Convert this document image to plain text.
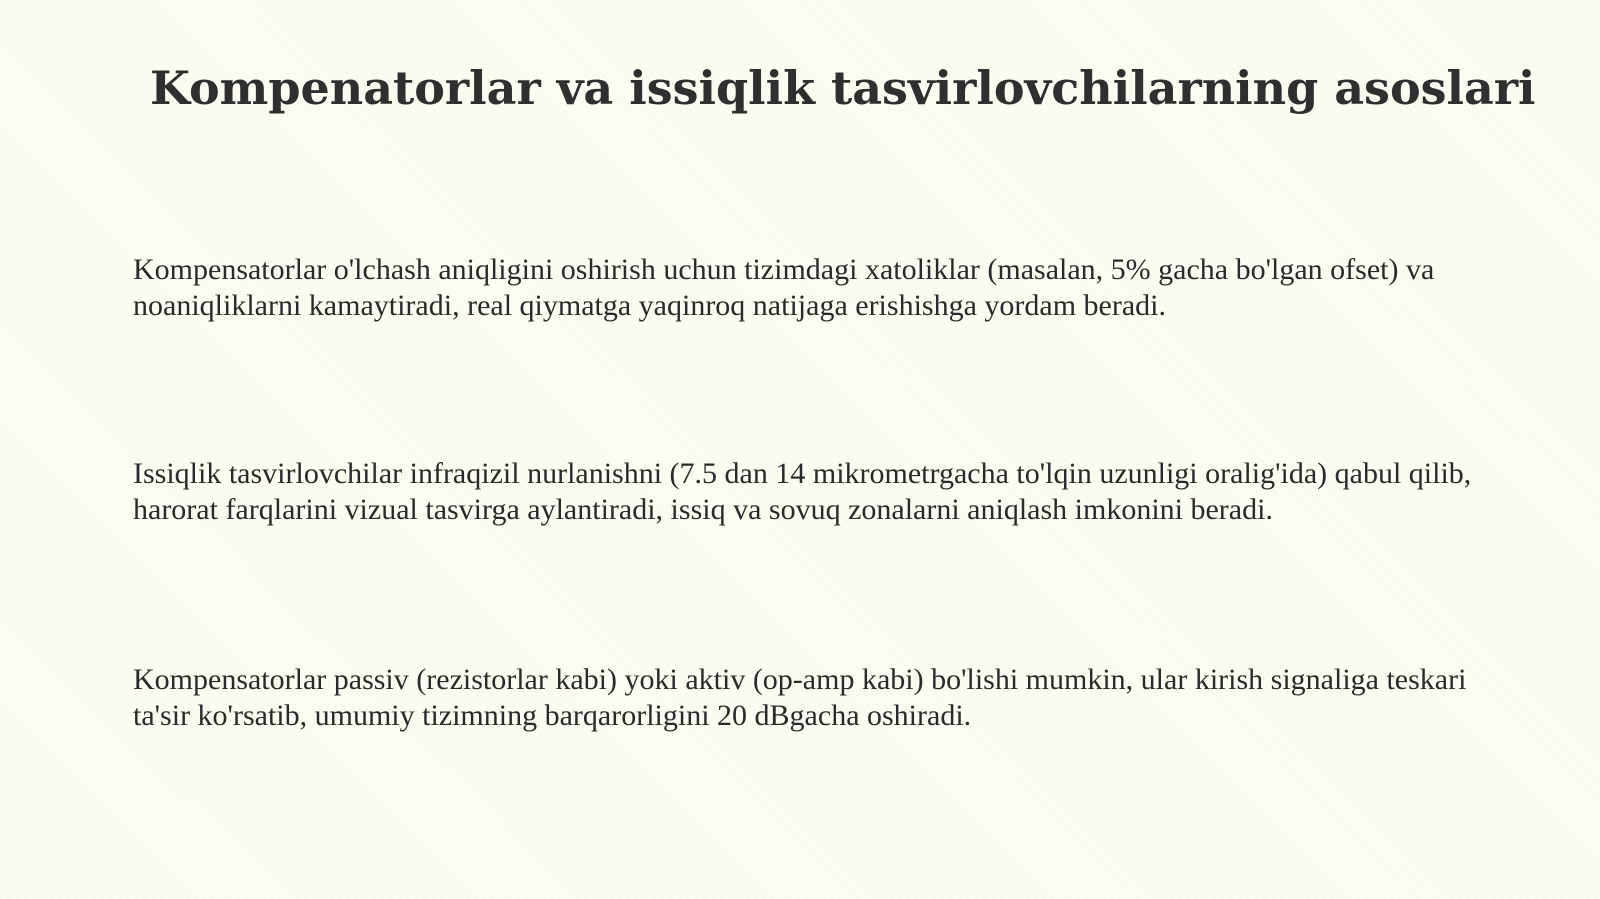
Kompenatorlar va issiqlik tasvirlovchilarning asoslari

Kompensatorlar o'lchash aniqligini oshirish uchun tizimdagi xatoliklar (masalan, 5% gacha bo'lgan ofset) va noaniqliklarni kamaytiradi, real qiymatga yaqinroq natijaga erishishga yordam beradi.

Issiqlik tasvirlovchilar infraqizil nurlanishni (7.5 dan 14 mikrometrgacha to'lqin uzunligi oralig'ida) qabul qilib, harorat farqlarini vizual tasvirga aylantiradi, issiq va sovuq zonalarni aniqlash imkonini beradi.

Kompensatorlar passiv (rezistorlar kabi) yoki aktiv (op-amp kabi) bo'lishi mumkin, ular kirish signaliga teskari ta'sir ko'rsatib, umumiy tizimning barqarorligini 20 dBgacha oshiradi.
